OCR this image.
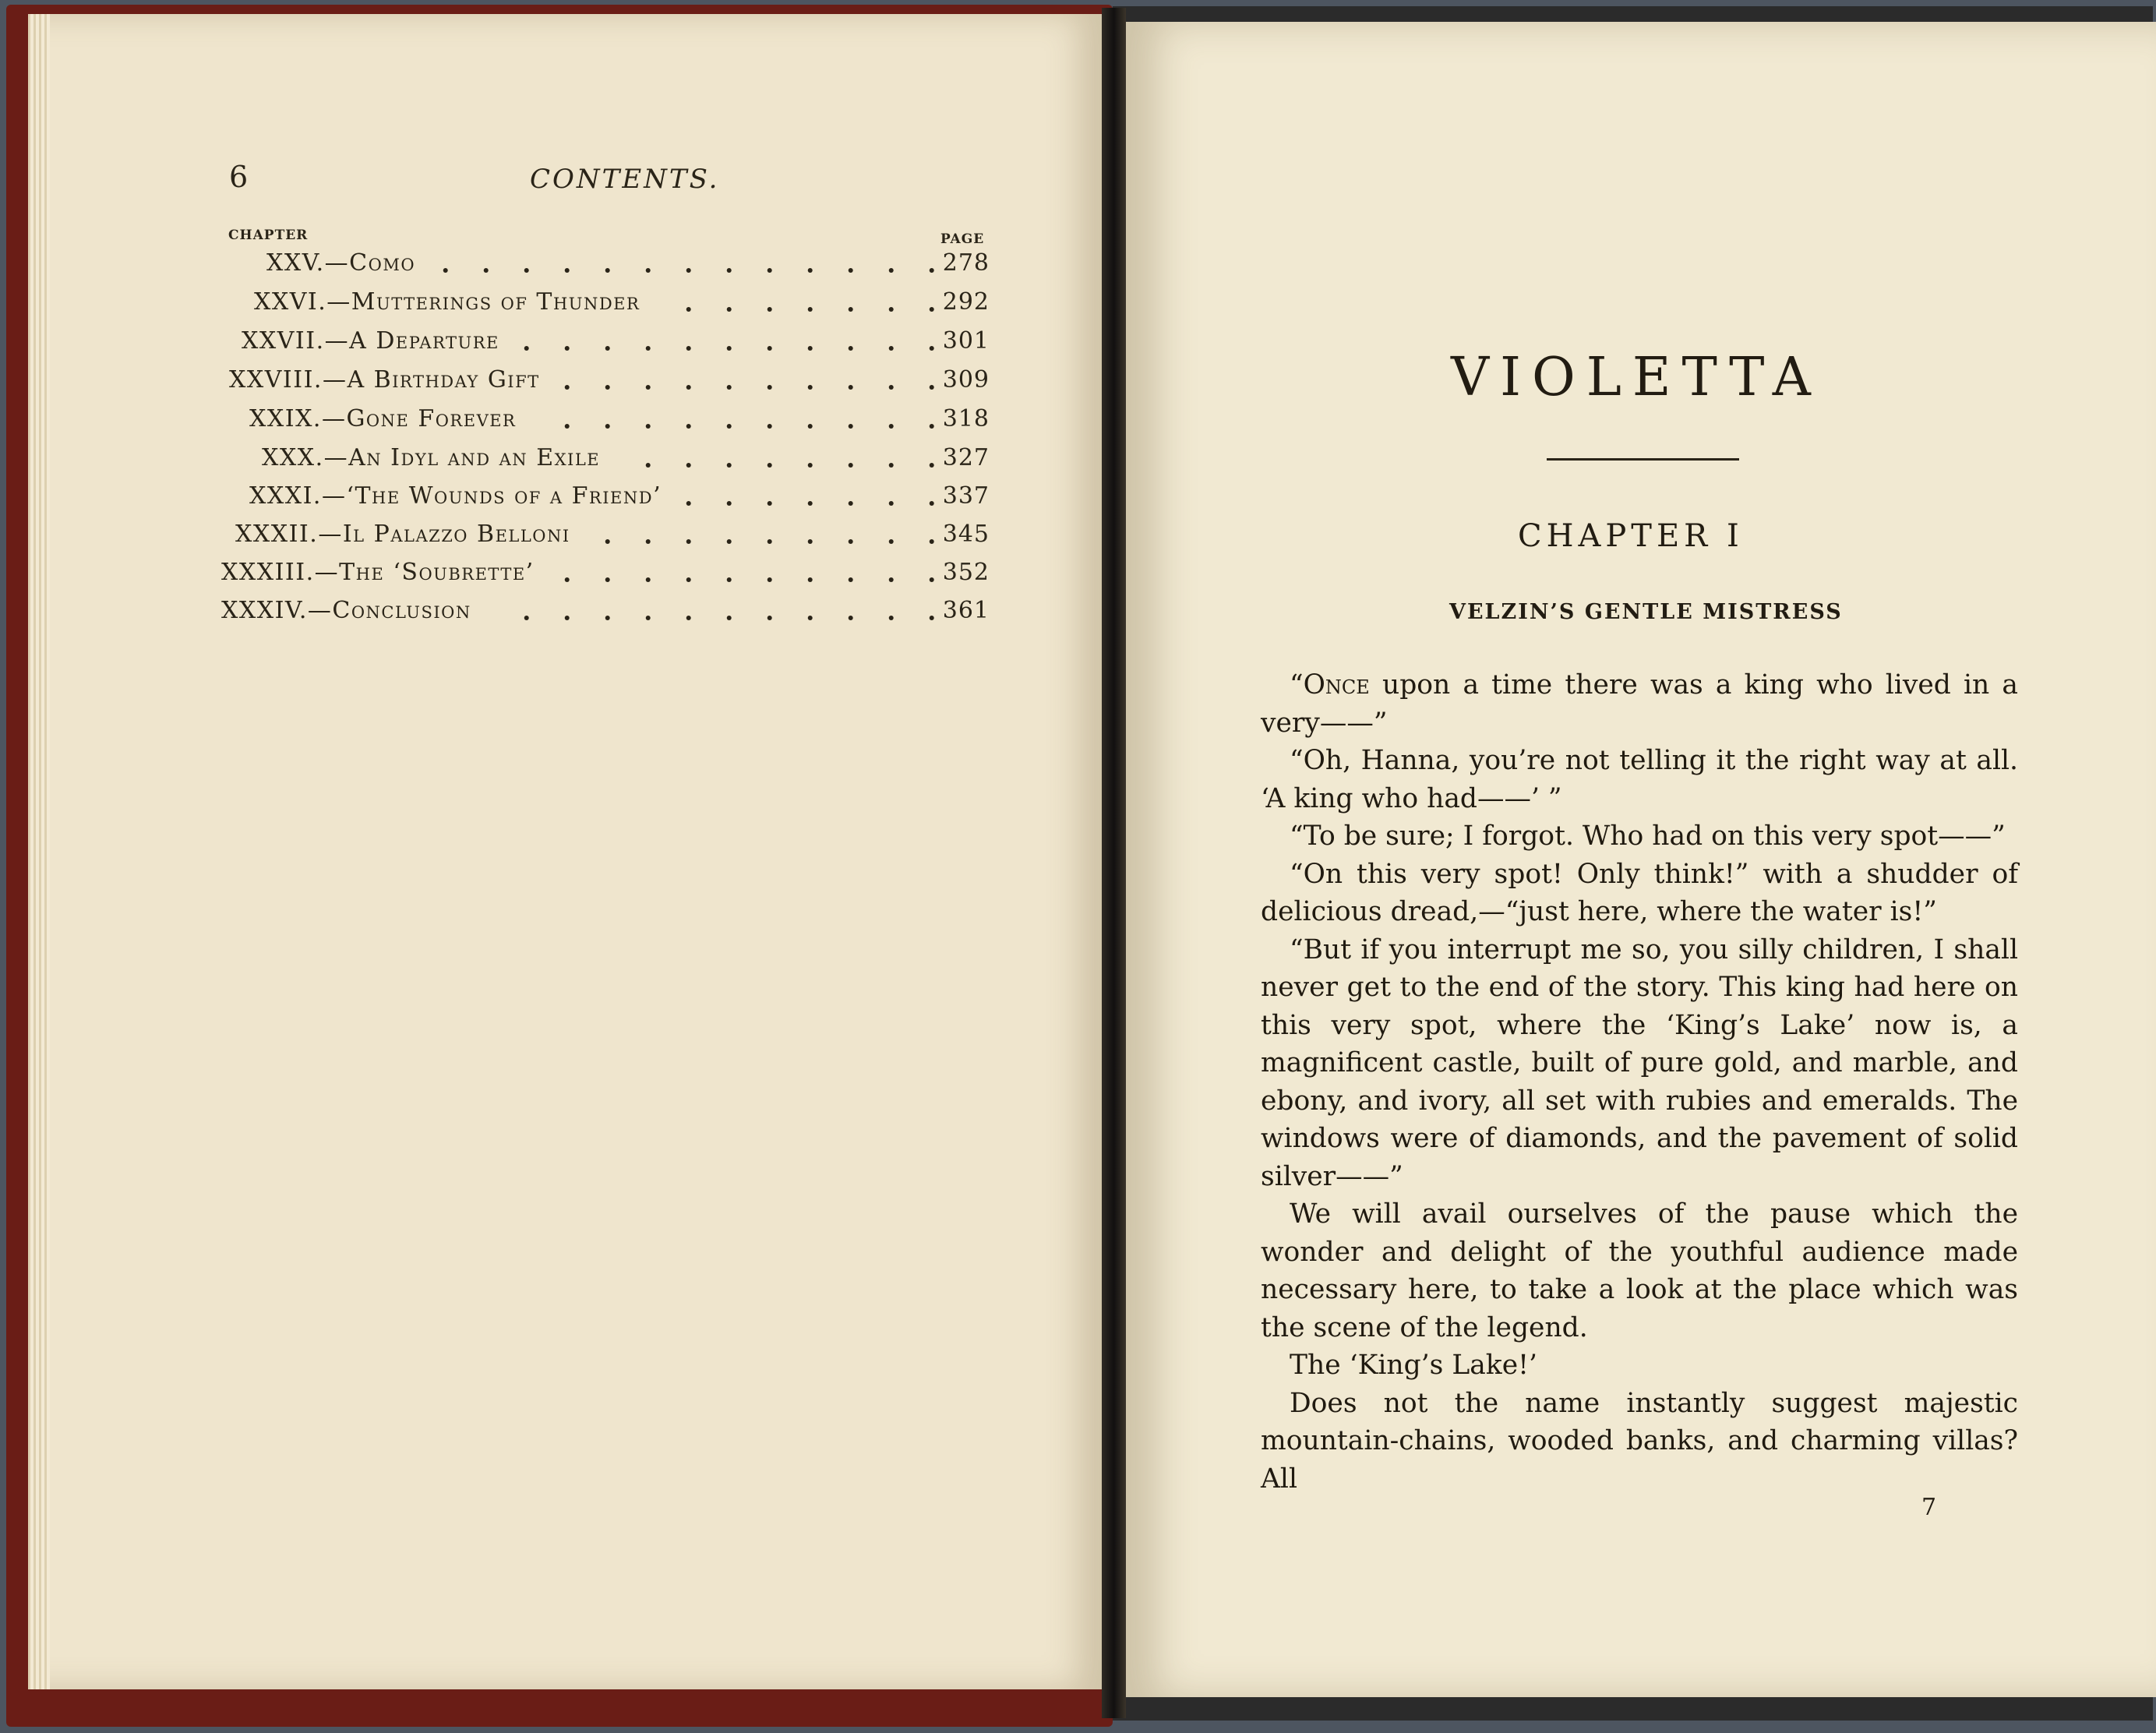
6	CONTENTS.
CHAPTER	PAGE
XXV.—Como	278
XXVI.—Mutterings of Thunder	292
XXVII.—A Departure	301
XXVIII.—A Birthday Gift	309
XXIX.—Gone Forever	318
XXX.—An Idyl and an Exile	327
XXXI.—‘The Wounds of a Friend’	337
XXXII.—Il Palazzo Belloni	345
XXXIII.—The ‘Soubrette’	352
XXXIV.—Conclusion	361
VIOLETTA
CHAPTER I
VELZIN’S GENTLE MISTRESS

“Once upon a time there was a king who lived in a very——”

“Oh, Hanna, you’re not telling it the right way at all. ‘A king who had——’ ”

“To be sure; I forgot. Who had on this very spot——”

“On this very spot! Only think!” with a shudder of delicious dread,—“just here, where the water is!”

“But if you interrupt me so, you silly children, I shall never get to the end of the story. This king had here on this very spot, where the ‘King’s Lake’ now is, a magnificent castle, built of pure gold, and marble, and ebony, and ivory, all set with rubies and emeralds. The windows were of diamonds, and the pavement of solid silver——”

We will avail ourselves of the pause which the wonder and delight of the youthful audience made necessary here, to take a look at the place which was the scene of the legend.

The ‘King’s Lake!’

Does not the name instantly suggest majestic mountain-chains, wooded banks, and charming villas? All

7
